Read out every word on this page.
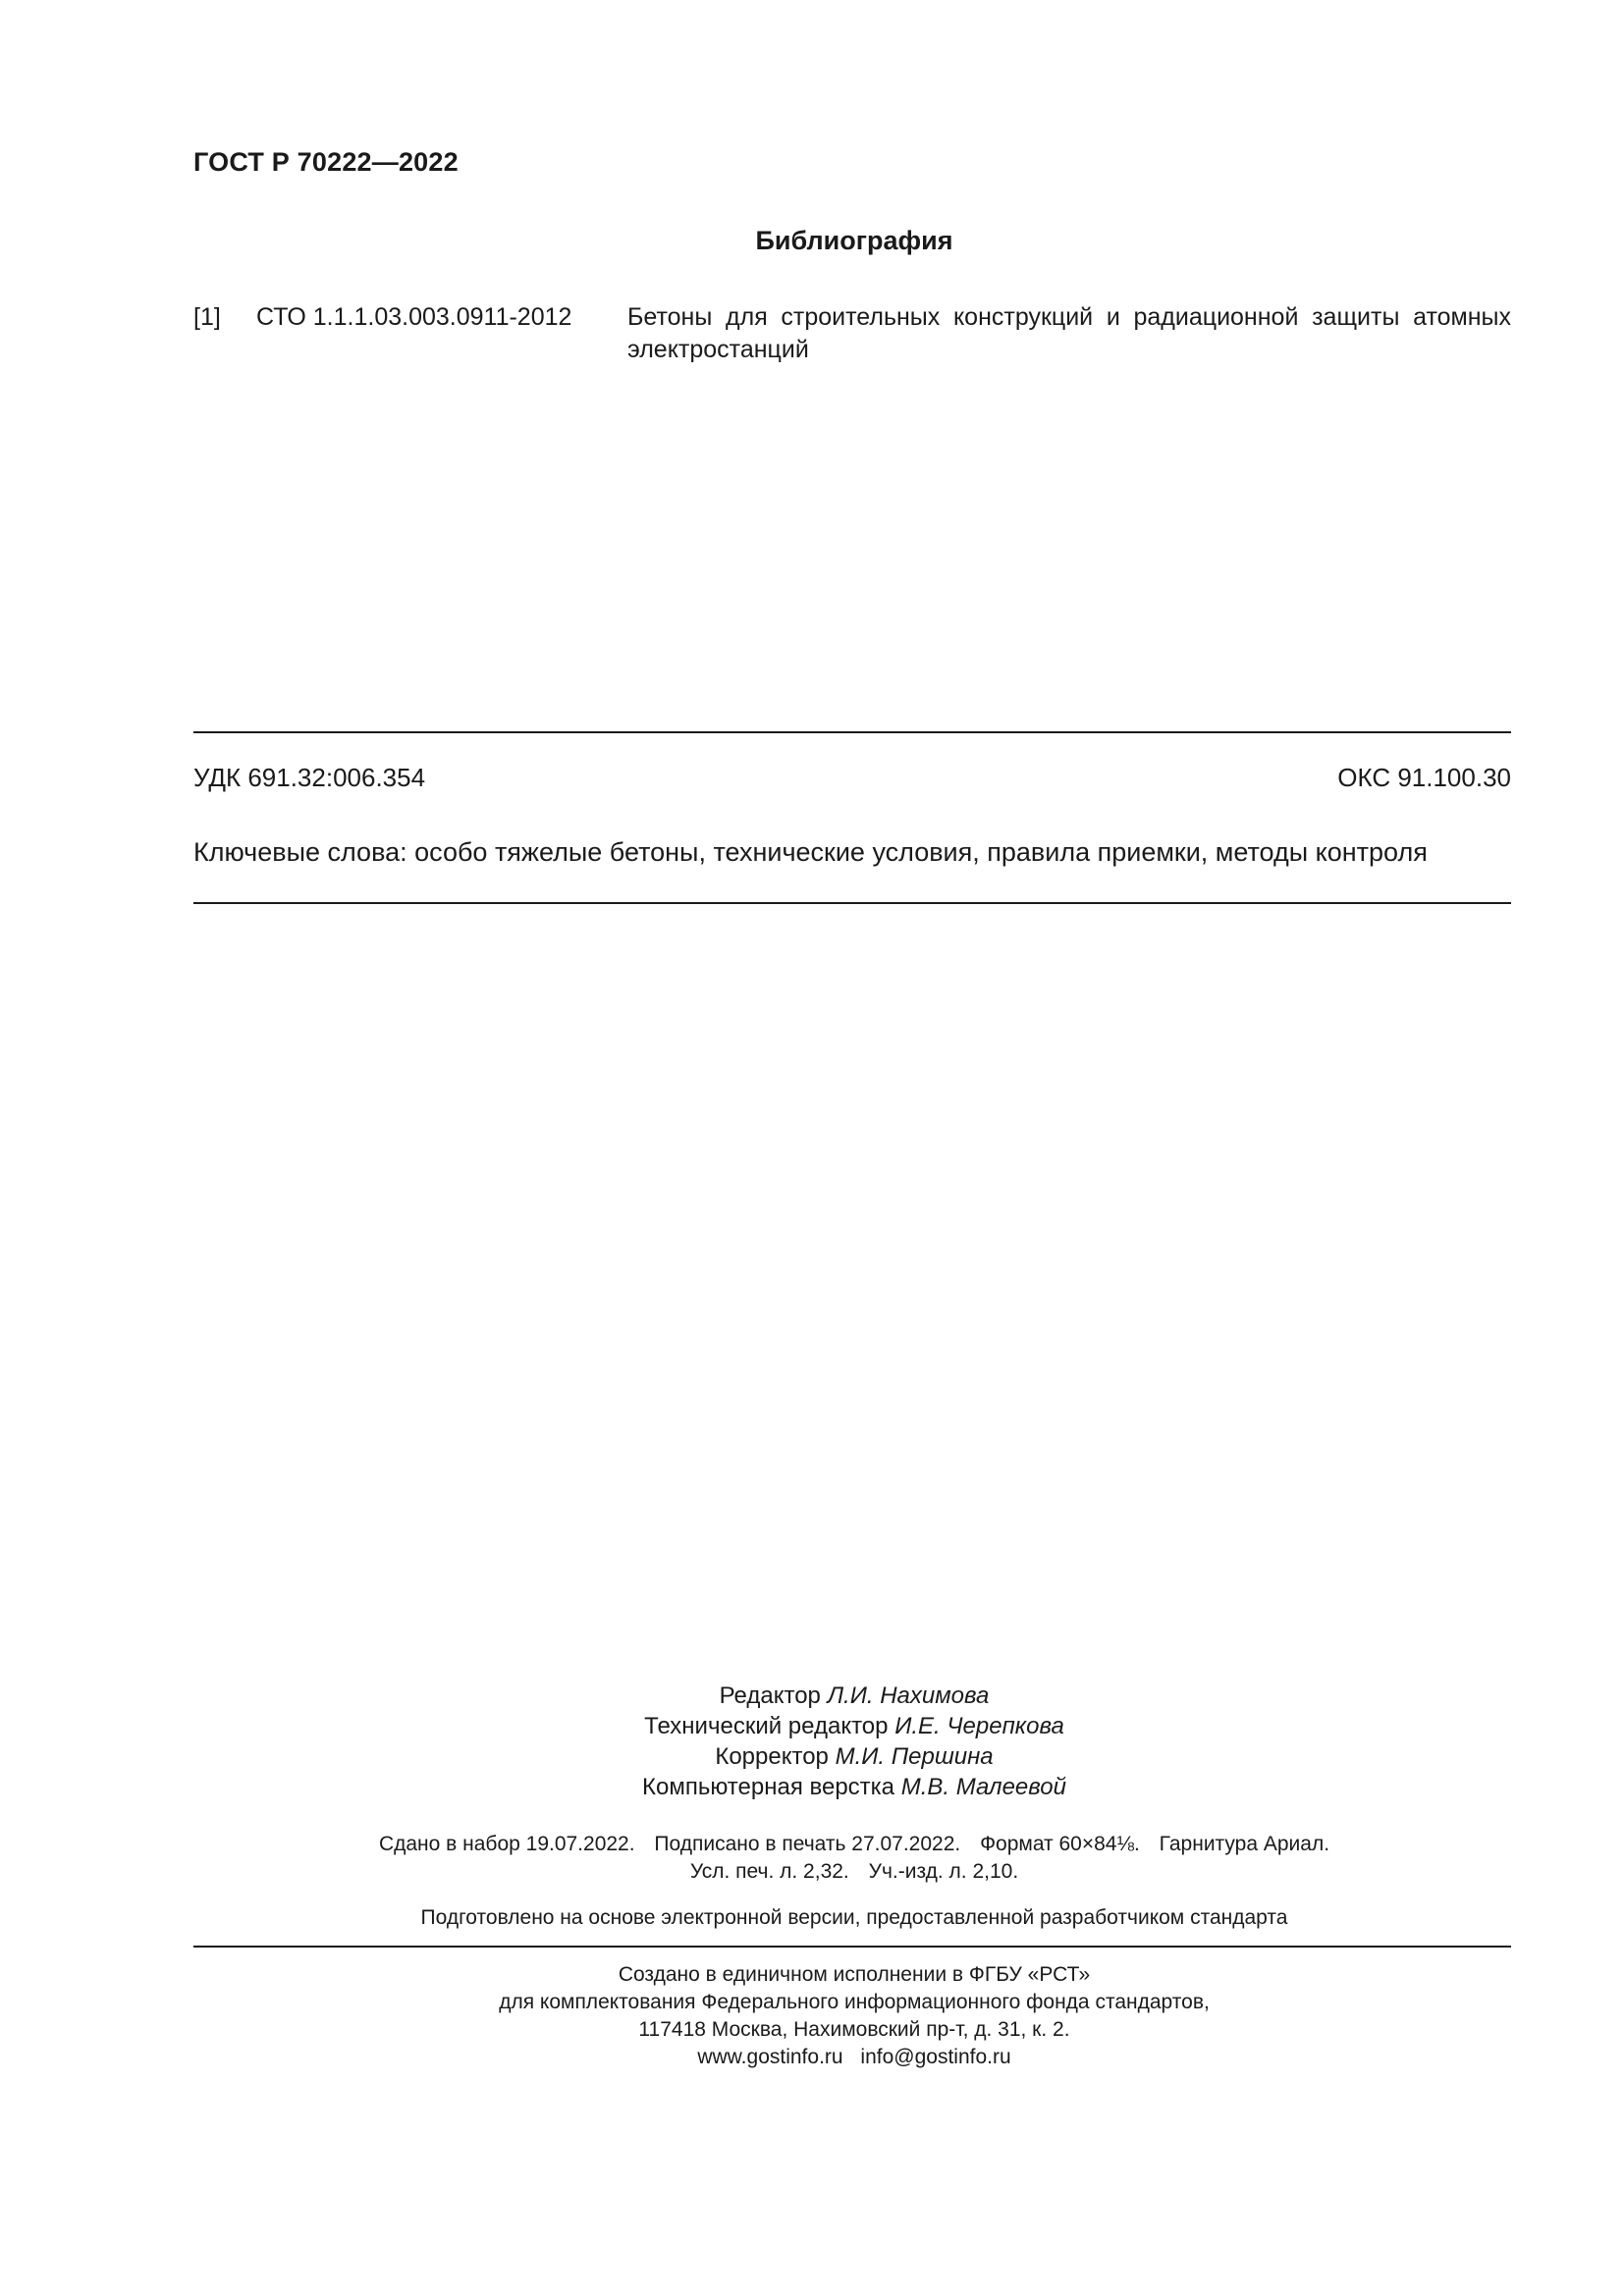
ГОСТ Р 70222—2022
Библиография
[1] СТО 1.1.1.03.003.0911-2012 Бетоны для строительных конструкций и радиационной защиты атомных электростанций
УДК 691.32:006.354	ОКС 91.100.30
Ключевые слова: особо тяжелые бетоны, технические условия, правила приемки, методы контроля
Редактор Л.И. Нахимова
Технический редактор И.Е. Черепкова
Корректор М.И. Першина
Компьютерная верстка М.В. Малеевой
Сдано в набор 19.07.2022. Подписано в печать 27.07.2022. Формат 60×84⅛. Гарнитура Ариал.
Усл. печ. л. 2,32. Уч.-изд. л. 2,10.
Подготовлено на основе электронной версии, предоставленной разработчиком стандарта
Создано в единичном исполнении в ФГБУ «РСТ»
для комплектования Федерального информационного фонда стандартов,
117418 Москва, Нахимовский пр-т, д. 31, к. 2.
www.gostinfo.ru info@gostinfo.ru
